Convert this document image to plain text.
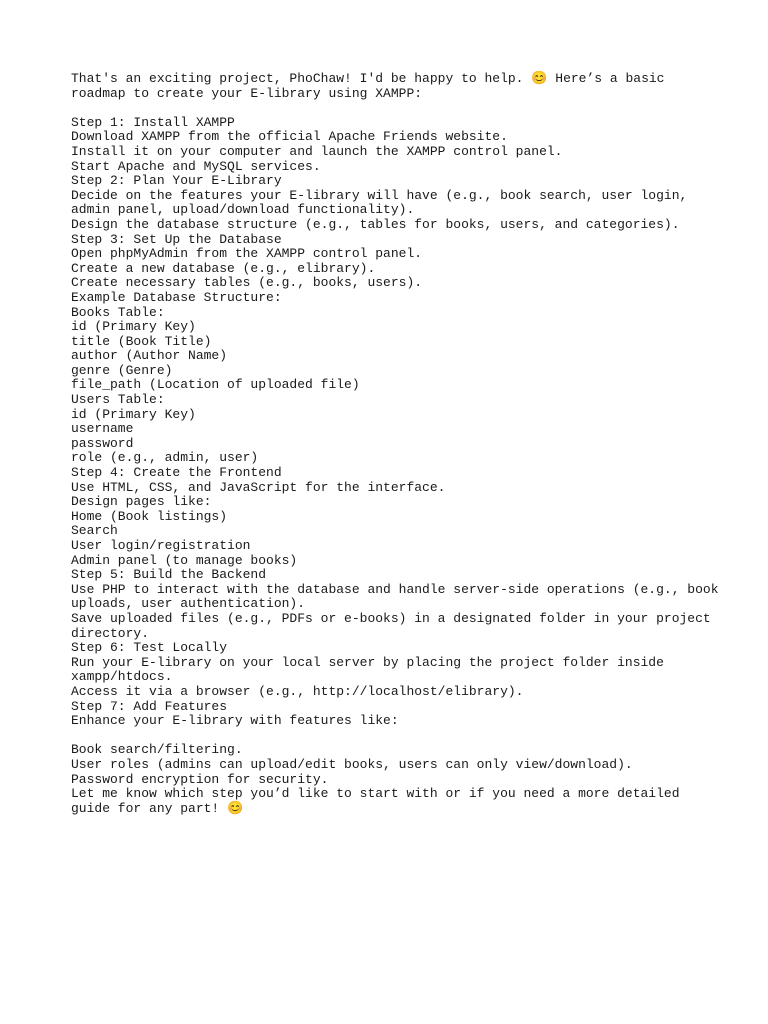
That's an exciting project, PhoChaw! I'd be happy to help. 😊 Here’s a basic
roadmap to create your E-library using XAMPP:
Step 1: Install XAMPP
Download XAMPP from the official Apache Friends website.
Install it on your computer and launch the XAMPP control panel.
Start Apache and MySQL services.
Step 2: Plan Your E-Library
Decide on the features your E-library will have (e.g., book search, user login,
admin panel, upload/download functionality).
Design the database structure (e.g., tables for books, users, and categories).
Step 3: Set Up the Database
Open phpMyAdmin from the XAMPP control panel.
Create a new database (e.g., elibrary).
Create necessary tables (e.g., books, users).
Example Database Structure:
Books Table:
id (Primary Key)
title (Book Title)
author (Author Name)
genre (Genre)
file_path (Location of uploaded file)
Users Table:
id (Primary Key)
username
password
role (e.g., admin, user)
Step 4: Create the Frontend
Use HTML, CSS, and JavaScript for the interface.
Design pages like:
Home (Book listings)
Search
User login/registration
Admin panel (to manage books)
Step 5: Build the Backend
Use PHP to interact with the database and handle server-side operations (e.g., book
uploads, user authentication).
Save uploaded files (e.g., PDFs or e-books) in a designated folder in your project
directory.
Step 6: Test Locally
Run your E-library on your local server by placing the project folder inside
xampp/htdocs.
Access it via a browser (e.g., http://localhost/elibrary).
Step 7: Add Features
Enhance your E-library with features like:
Book search/filtering.
User roles (admins can upload/edit books, users can only view/download).
Password encryption for security.
Let me know which step you’d like to start with or if you need a more detailed
guide for any part! 😊
